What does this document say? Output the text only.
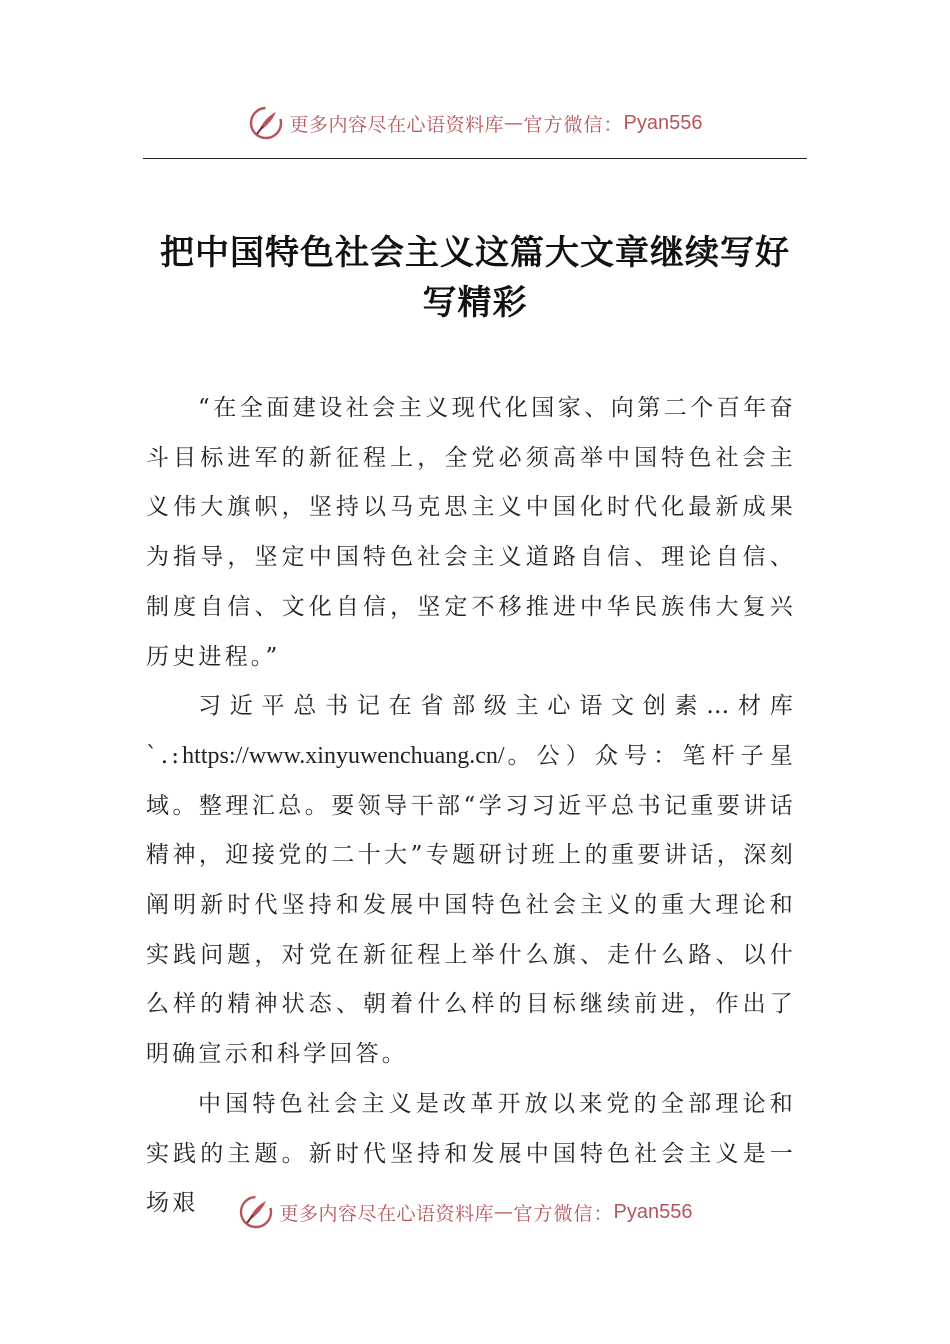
更多内容尽在心语资料库 — 官方微信： Pyan556
把中国特色社会主义这篇大文章继续写好
写精彩

“在全面建设社会主义现代化国家、向第二个百年奋斗目标进军的新征程上，全党必须高举中国特色社会主义伟大旗帜，坚持以马克思主义中国化时代化最新成果为指导，坚定中国特色社会主义道路自信、理论自信、制度自信、文化自信，坚定不移推进中华民族伟大复兴历史进程。”

习近平总书记在省部级主心语文创素…材库`.:https://www.xinyuwenchuang.cn/。公）众号：笔杆子星域。整理汇总。要领导干部“学习习近平总书记重要讲话精神，迎接党的二十大”专题研讨班上的重要讲话，深刻阐明新时代坚持和发展中国特色社会主义的重大理论和实践问题，对党在新征程上举什么旗、走什么路、以什么样的精神状态、朝着什么样的目标继续前进，作出了明确宣示和科学回答。

中国特色社会主义是改革开放以来党的全部理论和实践的主题。新时代坚持和发展中国特色社会主义是一场艰	更多内容尽在心语资料库 — 官方微信： Pyan556
